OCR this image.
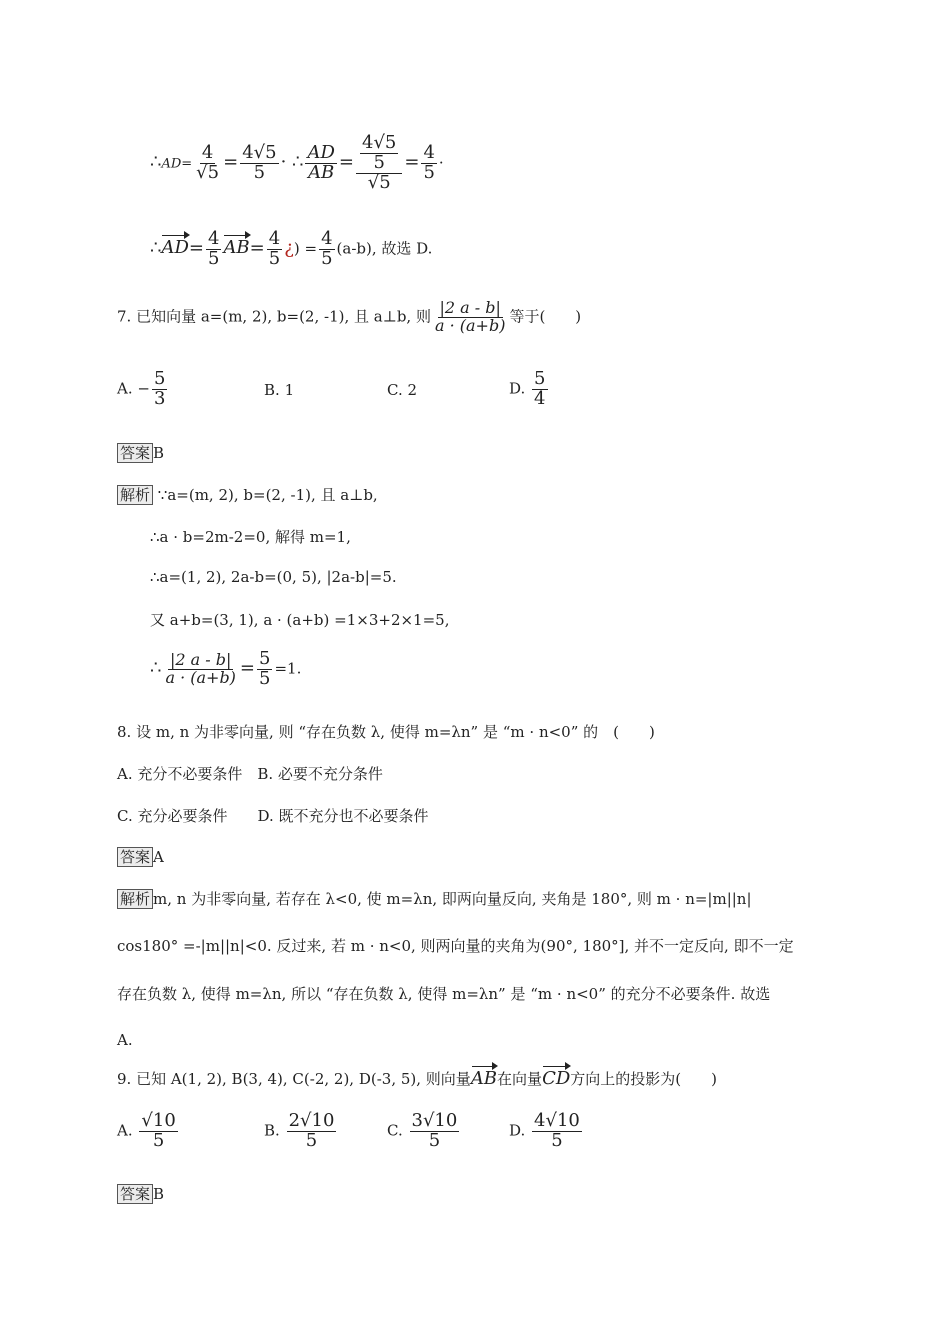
∴AD= $\frac{4}{√5} = \frac{4√5}{5}$ · ∴ $\frac{AD}{AB} = \frac{\frac{4√5}{5}}{√5} = \frac{4}{5}$ ·
∴AD= $\frac{4}{5} AB= \frac{4}{5}$ ¿) = $\frac{4}{5} (a-b)$, 故选 D.
7. 已知向量 a=(m, 2), b=(2, -1), 且 a⊥b, 则 $\frac{|2 a - b|}{a \cdot (a+b)}$ 等于(　　)
A. − $\frac{5}{3}$	B. 1	C. 2	D. $\frac{5}{4}$
答案 B
解析 ∵a=(m, 2), b=(2, -1), 且 a⊥b,
∴a · b=2m-2=0, 解得 m=1,
∴a=(1, 2), 2a-b=(0, 5), |2a-b|=5.
又 a+b=(3, 1), a · (a+b) =1×3+2×1=5,
∴ $\frac{|2 a - b|}{a \cdot (a+b)} = \frac{5}{5} =1$.
8. 设 m, n 为非零向量, 则 “存在负数 λ, 使得 m=λn” 是 “m · n<0” 的　(　　)
A. 充分不必要条件　B. 必要不充分条件
C. 充分必要条件　　D. 既不充分也不必要条件
答案 A
解析 m, n 为非零向量, 若存在 λ<0, 使 m=λn, 即两向量反向, 夹角是 180°, 则 m · n=|m||n|
cos180° =-|m||n|<0. 反过来, 若 m · n<0, 则两向量的夹角为(90°, 180°], 并不一定反向, 即不一定
存在负数 λ, 使得 m=λn, 所以 “存在负数 λ, 使得 m=λn” 是 “m · n<0” 的充分不必要条件. 故选
A.
9. 已知 A(1, 2), B(3, 4), C(-2, 2), D(-3, 5), 则向量AB在向量CD方向上的投影为(　　)
A. $\frac{√10}{5}$	B. $\frac{2√10}{5}$	C. $\frac{3√10}{5}$	D. $\frac{4√10}{5}$
答案 B
